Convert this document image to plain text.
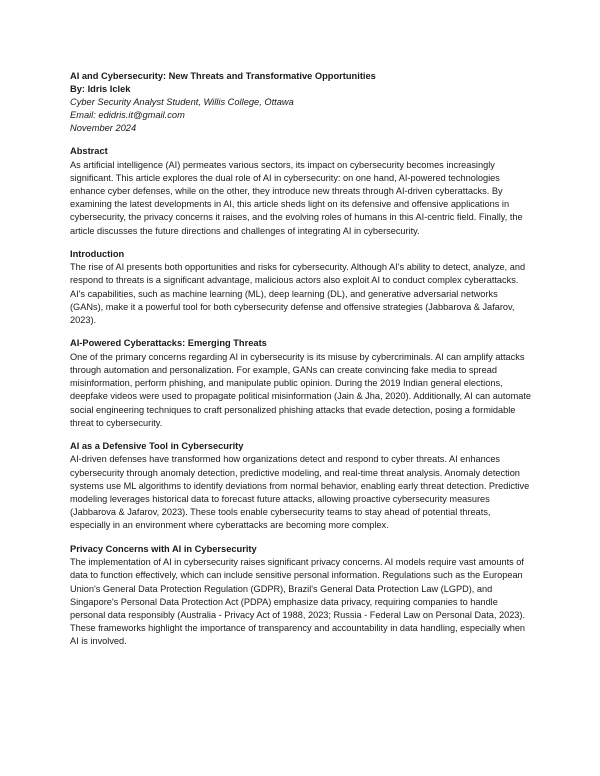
AI and Cybersecurity: New Threats and Transformative Opportunities

By: Idris Iclek

Cyber Security Analyst Student, Willis College, Ottawa

Email: edidris.it@gmail.com

November 2024

Abstract

As artificial intelligence (AI) permeates various sectors, its impact on cybersecurity becomes increasingly significant. This article explores the dual role of AI in cybersecurity: on one hand, AI-powered technologies enhance cyber defenses, while on the other, they introduce new threats through AI-driven cyberattacks. By examining the latest developments in AI, this article sheds light on its defensive and offensive applications in cybersecurity, the privacy concerns it raises, and the evolving roles of humans in this AI-centric field. Finally, the article discusses the future directions and challenges of integrating AI in cybersecurity.

Introduction

The rise of AI presents both opportunities and risks for cybersecurity. Although AI's ability to detect, analyze, and respond to threats is a significant advantage, malicious actors also exploit AI to conduct complex cyberattacks. AI's capabilities, such as machine learning (ML), deep learning (DL), and generative adversarial networks (GANs), make it a powerful tool for both cybersecurity defense and offensive strategies (Jabbarova & Jafarov, 2023).

AI-Powered Cyberattacks: Emerging Threats

One of the primary concerns regarding AI in cybersecurity is its misuse by cybercriminals. AI can amplify attacks through automation and personalization. For example, GANs can create convincing fake media to spread misinformation, perform phishing, and manipulate public opinion. During the 2019 Indian general elections, deepfake videos were used to propagate political misinformation (Jain & Jha, 2020). Additionally, AI can automate social engineering techniques to craft personalized phishing attacks that evade detection, posing a formidable threat to cybersecurity.

AI as a Defensive Tool in Cybersecurity

AI-driven defenses have transformed how organizations detect and respond to cyber threats. AI enhances cybersecurity through anomaly detection, predictive modeling, and real-time threat analysis. Anomaly detection systems use ML algorithms to identify deviations from normal behavior, enabling early threat detection. Predictive modeling leverages historical data to forecast future attacks, allowing proactive cybersecurity measures (Jabbarova & Jafarov, 2023). These tools enable cybersecurity teams to stay ahead of potential threats, especially in an environment where cyberattacks are becoming more complex.

Privacy Concerns with AI in Cybersecurity

The implementation of AI in cybersecurity raises significant privacy concerns. AI models require vast amounts of data to function effectively, which can include sensitive personal information. Regulations such as the European Union's General Data Protection Regulation (GDPR), Brazil's General Data Protection Law (LGPD), and Singapore's Personal Data Protection Act (PDPA) emphasize data privacy, requiring companies to handle personal data responsibly (Australia - Privacy Act of 1988, 2023; Russia - Federal Law on Personal Data, 2023). These frameworks highlight the importance of transparency and accountability in data handling, especially when AI is involved.
